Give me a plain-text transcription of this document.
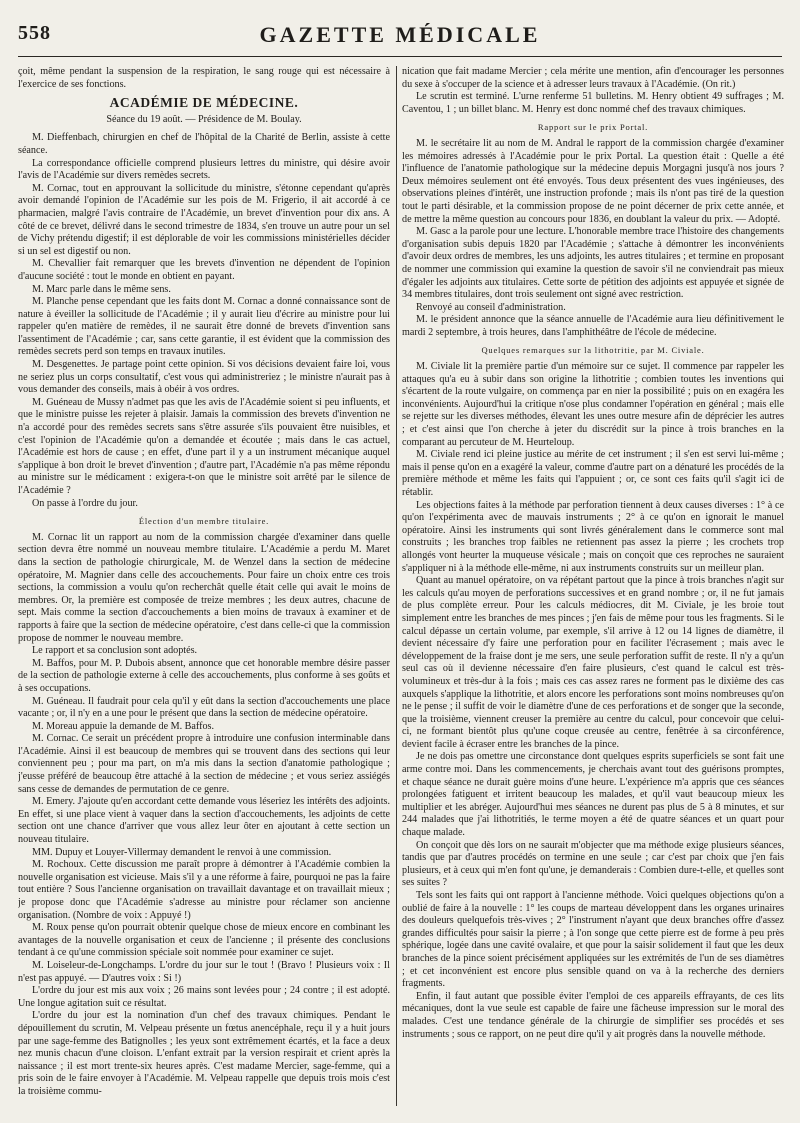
558	GAZETTE MÉDICALE

çoit, même pendant la suspension de la respiration, le sang rouge qui est nécessaire à l'exercice de ses fonctions.

ACADÉMIE DE MÉDECINE.
Séance du 19 août. — Présidence de M. Boulay.

M. Dieffenbach, chirurgien en chef de l'hôpital de la Charité de Berlin, assiste à cette séance.

La correspondance officielle comprend plusieurs lettres du ministre, qui désire avoir l'avis de l'Académie sur divers remèdes secrets.

M. Cornac, tout en approuvant la sollicitude du ministre, s'étonne cependant qu'après avoir demandé l'opinion de l'Académie sur les pois de M. Frigerio, il ait accordé à ce pharmacien, malgré l'avis contraire de l'Académie, un brevet d'invention pour dix ans. A côté de ce brevet, délivré dans le second trimestre de 1834, s'en trouve un autre pour un sel de Vichy prétendu digestif; il est déplorable de voir les commissions ministérielles décider si un sel est digestif ou non.

M. Chevallier fait remarquer que les brevets d'invention ne dépendent de l'opinion d'aucune société : tout le monde en obtient en payant.

M. Marc parle dans le même sens.

M. Planche pense cependant que les faits dont M. Cornac a donné connaissance sont de nature à éveiller la sollicitude de l'Académie ; il y aurait lieu d'écrire au ministre pour lui rappeler qu'en matière de remèdes, il ne saurait être donné de brevets d'invention sans l'assentiment de l'Académie ; car, sans cette garantie, il est évident que la commission des remèdes secrets perd son temps en travaux inutiles.

M. Desgenettes. Je partage point cette opinion. Si vos décisions devaient faire loi, vous ne seriez plus un corps consultatif, c'est vous qui administreriez ; le ministre n'aurait pas à vous demander des conseils, mais à obéir à vos ordres.

M. Guéneau de Mussy n'admet pas que les avis de l'Académie soient si peu influents, et que le ministre puisse les rejeter à plaisir. Jamais la commission des brevets d'invention ne n'a accordé pour des remèdes secrets sans s'être assurée s'ils pouvaient être nuisibles, et c'est l'opinion de l'Académie qu'on a demandée et écoutée ; mais dans le cas actuel, l'Académie est hors de cause ; en effet, d'une part il y a un instrument mécanique auquel s'applique à bon droit le brevet d'invention ; d'autre part, l'Académie n'a pas même répondu au ministre sur le médicament : exigera-t-on que le ministre soit arrêté par le silence de l'Académie ?

On passe à l'ordre du jour.

Élection d'un membre titulaire.

M. Cornac lit un rapport au nom de la commission chargée d'examiner dans quelle section devra être nommé un nouveau membre titulaire. L'Académie a perdu M. Maret dans la section de pathologie chirurgicale, M. de Wenzel dans la section de médecine opératoire, M. Magnier dans celle des accouchements. Pour faire un choix entre ces trois sections, la commission a voulu qu'on recherchât quelle était celle qui avait le moins de membres. Or, la première est composée de treize membres ; les deux autres, chacune de sept. Mais comme la section d'accouchements a bien moins de travaux à examiner et de rapports à faire que la section de médecine opératoire, c'est dans celle-ci que la commission propose de nommer le nouveau membre.

Le rapport et sa conclusion sont adoptés.

M. Baffos, pour M. P. Dubois absent, annonce que cet honorable membre désire passer de la section de pathologie externe à celle des accouchements, plus conforme à ses goûts et à ses occupations.

M. Guéneau. Il faudrait pour cela qu'il y eût dans la section d'accouchements une place vacante ; or, il n'y en a une pour le présent que dans la section de médecine opératoire.

M. Moreau appuie la demande de M. Baffos.

M. Cornac. Ce serait un précédent propre à introduire une confusion interminable dans l'Académie. Ainsi il est beaucoup de membres qui se trouvent dans des sections qui leur conviennent peu ; pour ma part, on m'a mis dans la section d'anatomie pathologique ; j'eusse préféré de beaucoup être attaché à la section de médecine ; et vous seriez assiégés sans cesse de demandes de permutation de ce genre.

M. Emery. J'ajoute qu'en accordant cette demande vous léseriez les intérêts des adjoints. En effet, si une place vient à vaquer dans la section d'accouchements, les adjoints de cette section ont une chance d'arriver que vous allez leur ôter en ajoutant à cette section un nouveau titulaire.

MM. Dupuy et Louyer-Villermay demandent le renvoi à une commission.

M. Rochoux. Cette discussion me paraît propre à démontrer à l'Académie combien la nouvelle organisation est vicieuse. Mais s'il y a une réforme à faire, pourquoi ne pas la faire tout entière ? Sous l'ancienne organisation on travaillait davantage et on travaillait mieux ; je propose donc que l'Académie s'adresse au ministre pour réclamer son ancienne organisation. (Nombre de voix : Appuyé !)

M. Roux pense qu'on pourrait obtenir quelque chose de mieux encore en combinant les avantages de la nouvelle organisation et ceux de l'ancienne ; il présente des conclusions tendant à ce qu'une commission spéciale soit nommée pour examiner ce sujet.

M. Loiseleur-de-Longchamps. L'ordre du jour sur le tout ! (Bravo ! Plusieurs voix : Il n'est pas appuyé. — D'autres voix : Si !)

L'ordre du jour est mis aux voix ; 26 mains sont levées pour ; 24 contre ; il est adopté. Une longue agitation suit ce résultat.

L'ordre du jour est la nomination d'un chef des travaux chimiques. Pendant le dépouillement du scrutin, M. Velpeau présente un fœtus anencéphale, reçu il y a huit jours par une sage-femme des Batignolles ; les yeux sont extrêmement écartés, et la face a deux nez munis chacun d'une cloison. L'enfant extrait par la version respirait et crient après la naissance ; il est mort trente-six heures après. C'est madame Mercier, sage-femme, qui a pris soin de le faire envoyer à l'Académie. M. Velpeau rappelle que depuis trois mois c'est la troisième commu-

nication que fait madame Mercier ; cela mérite une mention, afin d'encourager les personnes du sexe à s'occuper de la science et à adresser leurs travaux à l'Académie. (On rit.)

Le scrutin est terminé. L'urne renferme 51 bulletins. M. Henry obtient 49 suffrages ; M. Caventou, 1 ; un billet blanc. M. Henry est donc nommé chef des travaux chimiques.

Rapport sur le prix Portal.

M. le secrétaire lit au nom de M. Andral le rapport de la commission chargée d'examiner les mémoires adressés à l'Académie pour le prix Portal. La question était : Quelle a été l'influence de l'anatomie pathologique sur la médecine depuis Morgagni jusqu'à nos jours ? Deux mémoires seulement ont été envoyés. Tous deux présentent des vues ingénieuses, des observations pleines d'intérêt, une instruction profonde ; mais ils n'ont pas tiré de la question tout le parti désirable, et la commission propose de ne point décerner de prix cette année, et de mettre la même question au concours pour 1836, en doublant la valeur du prix. — Adopté.

M. Gasc a la parole pour une lecture. L'honorable membre trace l'histoire des changements d'organisation subis depuis 1820 par l'Académie ; s'attache à démontrer les inconvénients d'avoir deux ordres de membres, les uns adjoints, les autres titulaires ; et termine en proposant de nommer une commission qui examine la question de savoir s'il ne conviendrait pas mieux d'égaler les adjoints aux titulaires. Cette sorte de pétition des adjoints est appuyée et signée de 34 membres titulaires, dont trois seulement ont signé avec restriction.

Renvoyé au conseil d'administration.

M. le président annonce que la séance annuelle de l'Académie aura lieu définitivement le mardi 2 septembre, à trois heures, dans l'amphithéâtre de l'école de médecine.

Quelques remarques sur la lithotritie, par M. Civiale.

M. Civiale lit la première partie d'un mémoire sur ce sujet. Il commence par rappeler les attaques qu'a eu à subir dans son origine la lithotritie ; combien toutes les inventions qui s'écartent de la route vulgaire, on commença par en nier la possibilité ; puis on en exagéra les inconvénients. Aujourd'hui la critique n'ose plus condamner l'opération en général ; mais elle se rejette sur les diverses méthodes, élevant les unes outre mesure afin de déprécier les autres ; et c'est ainsi que l'on cherche à jeter du discrédit sur la pince à trois branches en la comparant au percuteur de M. Heurteloup.

M. Civiale rend ici pleine justice au mérite de cet instrument ; il s'en est servi lui-même ; mais il pense qu'on en a exagéré la valeur, comme d'autre part on a dénaturé les procédés de la première méthode et même les faits qui l'appuient ; or, ce sont ces faits qu'il s'agit ici de rétablir.

Les objections faites à la méthode par perforation tiennent à deux causes diverses : 1° à ce qu'on l'expérimenta avec de mauvais instruments ; 2° à ce qu'on en ignorait le manuel opératoire. Ainsi les instruments qui sont livrés généralement dans le commerce sont mal construits ; les branches trop faibles ne retiennent pas assez la pierre ; les crochets trop allongés vont heurter la muqueuse vésicale ; mais on conçoit que ces reproches ne sauraient s'appliquer ni à la méthode elle-même, ni aux instruments construits sur un meilleur plan.

Quant au manuel opératoire, on va répétant partout que la pince à trois branches n'agit sur les calculs qu'au moyen de perforations successives et en grand nombre ; or, il ne fut jamais de plus complète erreur. Pour les calculs médiocres, dit M. Civiale, je les broie tout simplement entre les branches de mes pinces ; j'en fais de même pour tous les fragments. Si le calcul dépasse un certain volume, par exemple, s'il arrive à 12 ou 14 lignes de diamètre, il devient nécessaire d'y faire une perforation pour en faciliter l'écrasement ; mais avec le développement de la fraise dont je me sers, une seule perforation suffit de reste. Il n'y a qu'un seul cas où il devienne nécessaire d'en faire plusieurs, c'est quand le calcul est très-volumineux et très-dur à la fois ; mais ces cas assez rares ne forment pas le dixième des cas auxquels s'applique la lithotritie, et alors encore les perforations sont moins nombreuses qu'on ne le pense ; il suffit de voir le diamètre d'une de ces perforations et de songer que la seconde, que la troisième, viennent creuser la première au centre du calcul, pour concevoir que celui-ci, ne formant bientôt plus qu'une coque creusée au centre, fenêtrée à sa circonférence, devient facile à écraser entre les branches de la pince.

Je ne dois pas omettre une circonstance dont quelques esprits superficiels se sont fait une arme contre moi. Dans les commencements, je cherchais avant tout des guérisons promptes, et chaque séance ne durait guère moins d'une heure. L'expérience m'a appris que ces séances prolongées fatiguent et irritent beaucoup les malades, et qu'il vaut beaucoup mieux les multiplier et les abréger. Aujourd'hui mes séances ne durent pas plus de 5 à 8 minutes, et sur 244 malades que j'ai lithotritiés, le terme moyen a été de quatre séances et un quart pour chaque malade.

On conçoit que dès lors on ne saurait m'objecter que ma méthode exige plusieurs séances, tandis que par d'autres procédés on termine en une seule ; car c'est par choix que j'en fais plusieurs, et à ceux qui m'en font qu'une, je demanderais : Combien dure-t-elle, et quelles sont ses suites ?

Tels sont les faits qui ont rapport à l'ancienne méthode. Voici quelques objections qu'on a oublié de faire à la nouvelle : 1° les coups de marteau développent dans les organes urinaires des douleurs quelquefois très-vives ; 2° l'instrument n'ayant que deux branches offre d'assez grandes difficultés pour saisir la pierre ; à l'on songe que cette pierre est de forme à peu près sphérique, logée dans une cavité ovalaire, et que pour la saisir solidement il faut que les deux branches de la pince soient précisément appliquées sur les extrémités de l'un de ses diamètres ; et cet inconvénient est encore plus sensible quand on va à la recherche des derniers fragments.

Enfin, il faut autant que possible éviter l'emploi de ces appareils effrayants, de ces lits mécaniques, dont la vue seule est capable de faire une fâcheuse impression sur le moral des malades. C'est une tendance générale de la chirurgie de simplifier ses procédés et ses instruments ; sous ce rapport, on ne peut dire qu'il y ait progrès dans la nouvelle méthode.
